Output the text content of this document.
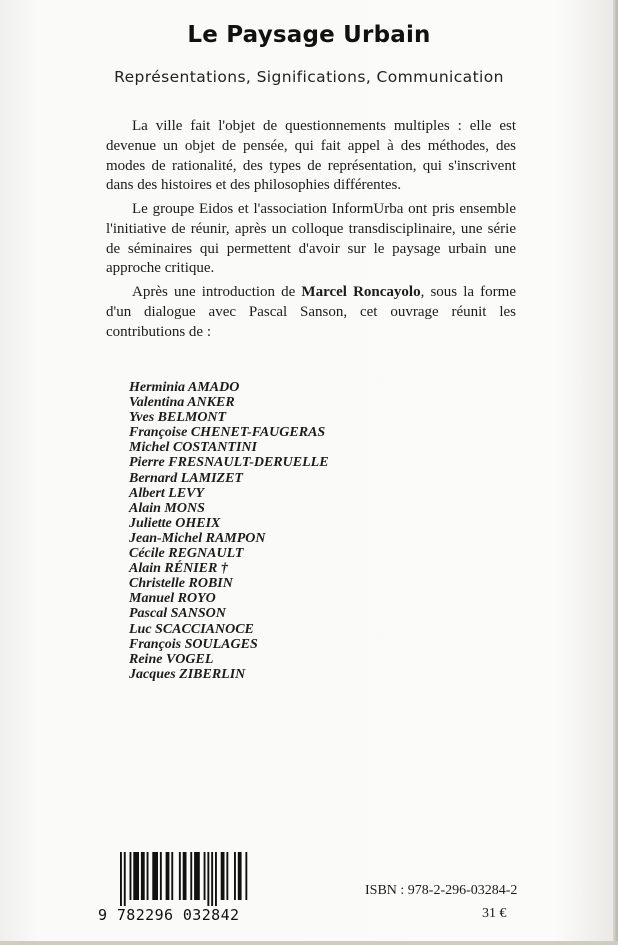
Le Paysage Urbain
Représentations, Significations, Communication
La ville fait l'objet de questionnements multiples : elle est devenue un objet de pensée, qui fait appel à des méthodes, des modes de rationalité, des types de représentation, qui s'inscrivent dans des histoires et des philosophies différentes.
Le groupe Eidos et l'association InformUrba ont pris ensemble l'initiative de réunir, après un colloque transdisciplinaire, une série de séminaires qui permettent d'avoir sur le paysage urbain une approche critique.
Après une introduction de Marcel Roncayolo, sous la forme d'un dialogue avec Pascal Sanson, cet ouvrage réunit les contributions de :
Herminia AMADO
Valentina ANKER
Yves BELMONT
Françoise CHENET-FAUGERAS
Michel COSTANTINI
Pierre FRESNAULT-DERUELLE
Bernard LAMIZET
Albert LEVY
Alain MONS
Juliette OHEIX
Jean-Michel RAMPON
Cécile REGNAULT
Alain RÉNIER †
Christelle ROBIN
Manuel ROYO
Pascal SANSON
Luc SCACCIANOCE
François SOULAGES
Reine VOGEL
Jacques ZIBERLIN
9 782296 032842
ISBN : 978-2-296-03284-2
31 €
